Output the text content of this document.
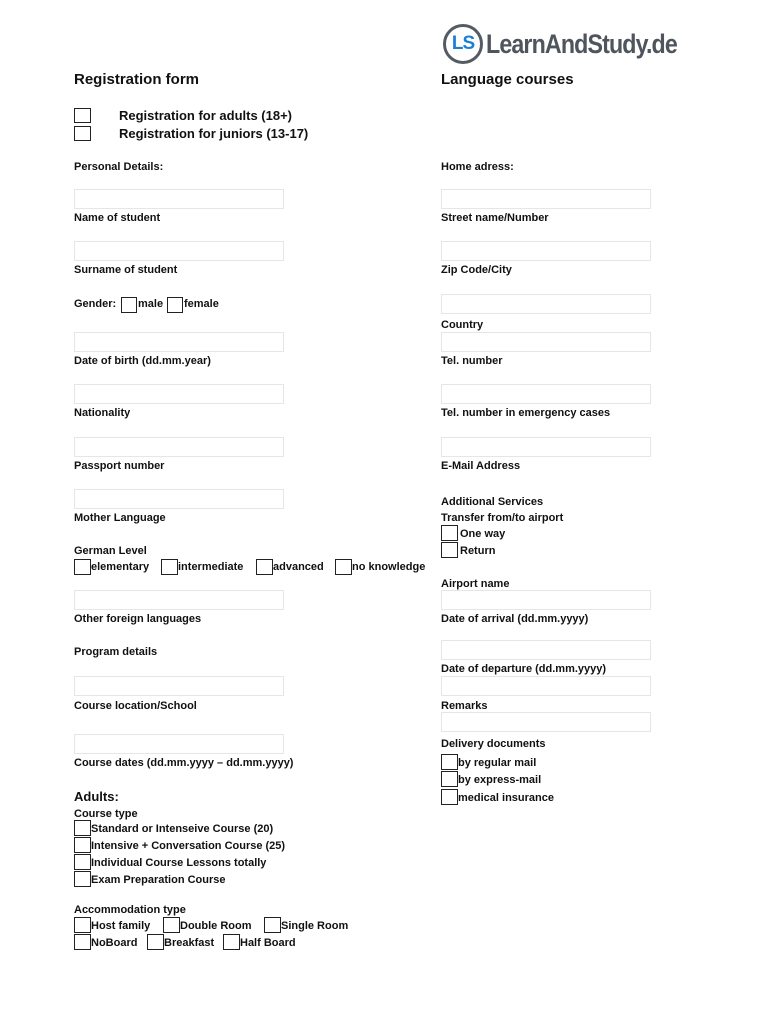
LS LearnAndStudy.de
Registration form	Language courses
Registration for adults (18+)
Registration for juniors (13-17)
Personal Details:
Name of student
Surname of student
Gender: male female
Date of birth (dd.mm.year)
Nationality
Passport number
Mother Language
German Level
elementary	intermediate	advanced	no knowledge
Other foreign languages
Program details
Course location/School
Course dates (dd.mm.yyyy – dd.mm.yyyy)
Adults:
Course type
Standard or Intenseive Course (20)
Intensive + Conversation Course (25)
Individual Course Lessons totally
Exam Preparation Course
Accommodation type
Host family	Double Room	Single Room
NoBoard Breakfast Half Board
Home adress:
Street name/Number
Zip Code/City
Country
Tel. number
Tel. number in emergency cases
E-Mail Address
Additional Services
Transfer from/to airport
One way
Return
Airport name
Date of arrival (dd.mm.yyyy)
Date of departure (dd.mm.yyyy)
Remarks
Delivery documents
by regular mail
by express-mail
medical insurance
